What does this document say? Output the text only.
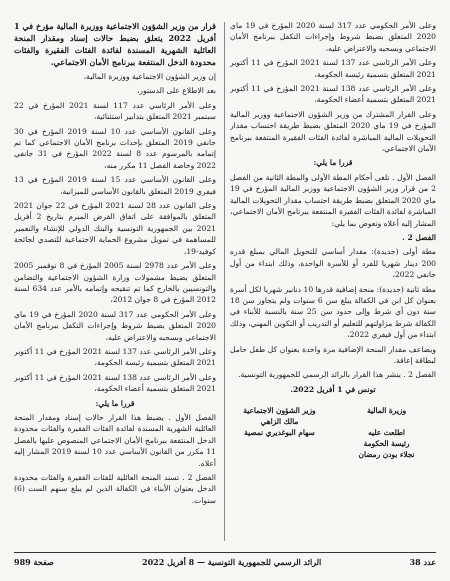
وعلى الأمر الحكومي عدد 317 لسنة 2020 المؤرخ في 19 ماي 2020 المتعلق بضبط شروط وإجراءات التكفل ببرنامج الأمان الاجتماعي وبسحبه والاعتراض عليه،

وعلى الأمر الرئاسي عدد 137 لسنة 2021 المؤرخ في 11 أكتوبر 2021 المتعلق بتسمية رئيسة الحكومة،

وعلى الأمر الرئاسي عدد 138 لسنة 2021 المؤرخ في 11 أكتوبر 2021 المتعلق بتسمية أعضاء الحكومة،

وعلى القرار المشترك من وزير الشؤون الاجتماعية ووزير المالية المؤرخ في 19 ماي 2020 المتعلق بضبط طريقة احتساب مقدار التحويلات المالية المباشرة لفائدة الفئات الفقيرة المنتفعة ببرنامج الأمان الاجتماعي،

قررا ما يلي:

الفصل الأول . تلغى أحكام المطة الأولى والمطة الثانية من الفصل 2 من قرار وزير الشؤون الاجتماعية ووزير المالية المؤرخ في 19 ماي 2020 المتعلق بضبط طريقة احتساب مقدار التحويلات المالية المباشرة لفائدة الفئات الفقيرة المنتفعة ببرنامج الأمان الاجتماعي، المشار إليه أعلاه وتعوض بما يلي:

الفصل 2 .

مطة أولى (جديدة): مقدار أساسي للتحويل المالي بمبلغ قدره 200 دينار شهريا للفرد أو للأسرة الواحدة، وذلك ابتداء من أول جانفي 2022،

مطة ثانية (جديدة): منحة إضافية قدرها 10 دنانير شهريا لكل أسرة بعنوان كل ابن في الكفالة يبلغ سن 6 سنوات ولم يتجاوز سن 18 سنة دون أي شرط وإلى حدود سن 25 سنة بالنسبة للأبناء في الكفالة شرط مزاولتهم للتعليم أو التدريب أو التكوين المهني، وذلك ابتداء من أول فيفري 2022،

ويضاعف مقدار المنحة الإضافية مرة واحدة بعنوان كل طفل حامل لبطاقة إعاقة.

الفصل 2 . ينشر هذا القرار بالرائد الرسمي للجمهورية التونسية.

تونس في 1 أفريل 2022.

وزيرة المالية
وزير الشؤون الاجتماعية
مالك الزاهي
اطلعت عليه
رئيسة الحكومة
نجلاء بودن رمضان
سهام البوغديري نمصية

قرار من وزير الشؤون الاجتماعية ووزيرة المالية مؤرخ في 1 أفريل 2022 يتعلق بضبط حالات إسناد ومقدار المنحة العائلية الشهرية المسندة لفائدة الفئات الفقيرة والفئات محدودة الدخل المنتفعة ببرنامج الأمان الاجتماعي.

إن وزير الشؤون الاجتماعية ووزيرة المالية،

بعد الاطلاع على الدستور،

وعلى الأمر الرئاسي عدد 117 لسنة 2021 المؤرخ في 22 سبتمبر 2021 المتعلق بتدابير استثنائية،

وعلى القانون الأساسي عدد 10 لسنة 2019 المؤرخ في 30 جانفي 2019 المتعلق بإحداث برنامج الأمان الاجتماعي كما تم إتمامه بالمرسوم عدد 8 لسنة 2022 المؤرخ في 31 جانفي 2022 وخاصة الفصل 11 مكرر منه،

وعلى القانون الأساسي عدد 15 لسنة 2019 المؤرخ في 13 فيفري 2019 المتعلق بالقانون الأساسي للميزانية،

وعلى القانون عدد 28 لسنة 2021 المؤرخ في 22 جوان 2021 المتعلق بالموافقة على اتفاق القرض المبرم بتاريخ 2 أفريل 2021 بين الجمهورية التونسية والبنك الدولي للإنشاء والتعمير للمساهمة في تمويل مشروع الحماية الاجتماعية للتصدي لجائحة كوفيد-19،

وعلى الأمر عدد 2978 لسنة 2005 المؤرخ في 8 نوفمبر 2005 المتعلق بضبط مشمولات وزارة الشؤون الاجتماعية والتضامن والتونسيين بالخارج كما تم تنقيحه وإتمامه بالأمر عدد 634 لسنة 2012 المؤرخ في 8 جوان 2012،

وعلى الأمر الحكومي عدد 317 لسنة 2020 المؤرخ في 19 ماي 2020 المتعلق بضبط شروط وإجراءات التكفل ببرنامج الأمان الاجتماعي وبسحبه والاعتراض عليه،

وعلى الأمر الرئاسي عدد 137 لسنة 2021 المؤرخ في 11 أكتوبر 2021 المتعلق بتسمية رئيسة الحكومة،

وعلى الأمر الرئاسي عدد 138 لسنة 2021 المؤرخ في 11 أكتوبر 2021 المتعلق بتسمية أعضاء الحكومة،

قررا ما يلي:

الفصل الأول . يضبط هذا القرار حالات إسناد ومقدار المنحة العائلية الشهرية المسندة لفائدة الفئات الفقيرة والفئات محدودة الدخل المنتفعة ببرنامج الأمان الاجتماعي المنصوص عليها بالفصل 11 مكرر من القانون الأساسي عدد 10 لسنة 2019 المشار إليه أعلاه.

الفصل 2 . تسند المنحة العائلية للفئات الفقيرة والفئات محدودة الدخل بعنوان الأبناء في الكفالة الذين لم يبلغ سنهم الست (6) سنوات.

صفحة 989	الرائد الرسمي للجمهورية التونسية — 8 أفريل 2022	عدد 38
